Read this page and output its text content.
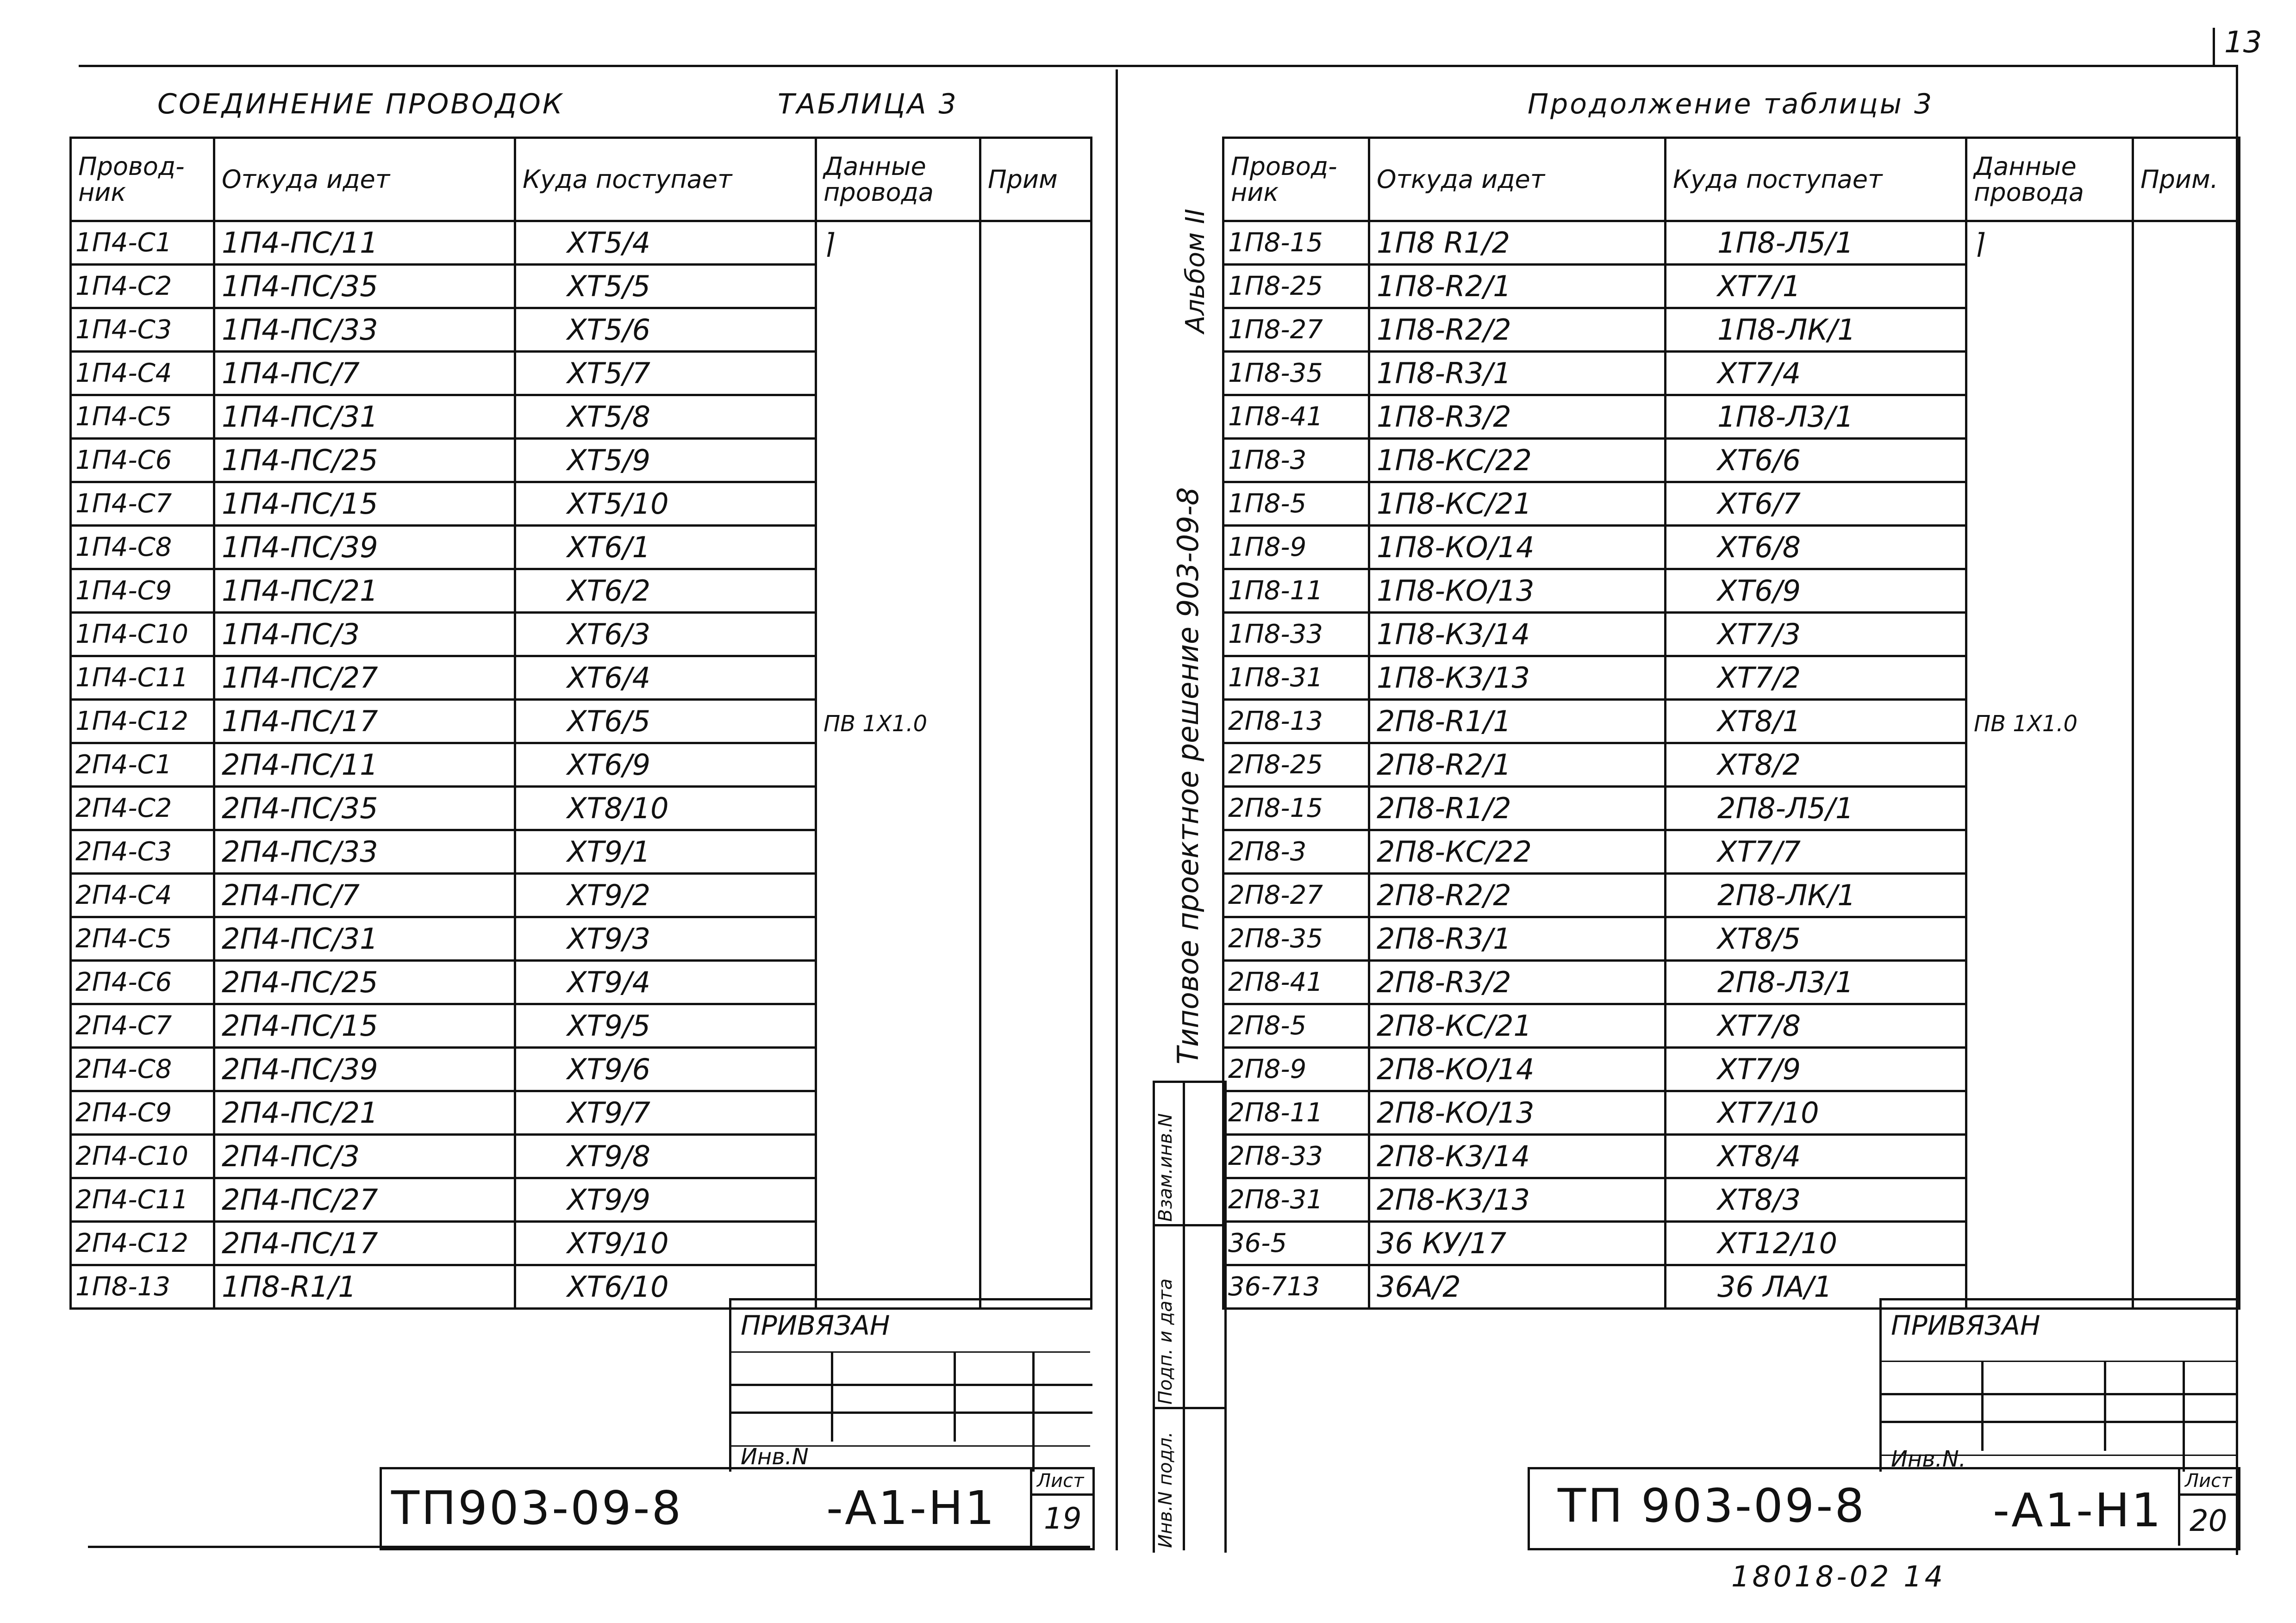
13
СОЕДИНЕНИЕ ПРОВОДОК	ТАБЛИЦА 3
Провод-ник	Откуда идет	Куда поступает	Данные провода	Прим
1П4-С1	1П4-ПС/11	ХТ5/4	⌉	
1П4-С2	1П4-ПС/35	ХТ5/5		
1П4-С3	1П4-ПС/33	ХТ5/6		
1П4-С4	1П4-ПС/7	ХТ5/7		
1П4-С5	1П4-ПС/31	ХТ5/8		
1П4-С6	1П4-ПС/25	ХТ5/9		
1П4-С7	1П4-ПС/15	ХТ5/10		
1П4-С8	1П4-ПС/39	ХТ6/1		
1П4-С9	1П4-ПС/21	ХТ6/2		
1П4-С10	1П4-ПС/3	ХТ6/3		
1П4-С11	1П4-ПС/27	ХТ6/4		
1П4-С12	1П4-ПС/17	ХТ6/5	ПВ 1Х1.0	
2П4-С1	2П4-ПС/11	ХТ6/9		
2П4-С2	2П4-ПС/35	ХТ8/10		
2П4-С3	2П4-ПС/33	ХТ9/1		
2П4-С4	2П4-ПС/7	ХТ9/2		
2П4-С5	2П4-ПС/31	ХТ9/3		
2П4-С6	2П4-ПС/25	ХТ9/4		
2П4-С7	2П4-ПС/15	ХТ9/5		
2П4-С8	2П4-ПС/39	ХТ9/6		
2П4-С9	2П4-ПС/21	ХТ9/7		
2П4-С10	2П4-ПС/3	ХТ9/8		
2П4-С11	2П4-ПС/27	ХТ9/9		
2П4-С12	2П4-ПС/17	ХТ9/10		
1П8-13	1П8-R1/1	ХТ6/10		
ПРИВЯЗАН
Инв.N
ТП903-09-8	-А1-Н1 Лист
19
Альбом II
Типовое проектное решение 903-09-8
Инв.N подл.
Подп. и дата
Взам.инв.N
Продолжение таблицы 3
Провод-ник	Откуда идет	Куда поступает	Данные провода	Прим.
1П8-15	1П8 R1/2	1П8-Л5/1	⌉	
1П8-25	1П8-R2/1	ХТ7/1		
1П8-27	1П8-R2/2	1П8-ЛК/1		
1П8-35	1П8-R3/1	ХТ7/4		
1П8-41	1П8-R3/2	1П8-Л3/1		
1П8-3	1П8-КС/22	ХТ6/6		
1П8-5	1П8-КС/21	ХТ6/7		
1П8-9	1П8-КО/14	ХТ6/8		
1П8-11	1П8-КО/13	ХТ6/9		
1П8-33	1П8-К3/14	ХТ7/3		
1П8-31	1П8-К3/13	ХТ7/2		
2П8-13	2П8-R1/1	ХТ8/1	ПВ 1Х1.0	
2П8-25	2П8-R2/1	ХТ8/2		
2П8-15	2П8-R1/2	2П8-Л5/1		
2П8-3	2П8-КС/22	ХТ7/7		
2П8-27	2П8-R2/2	2П8-ЛК/1		
2П8-35	2П8-R3/1	ХТ8/5		
2П8-41	2П8-R3/2	2П8-Л3/1		
2П8-5	2П8-КС/21	ХТ7/8		
2П8-9	2П8-КО/14	ХТ7/9		
2П8-11	2П8-КО/13	ХТ7/10		
2П8-33	2П8-К3/14	ХТ8/4		
2П8-31	2П8-К3/13	ХТ8/3		
36-5	36 КУ/17	ХТ12/10		
36-713	36А/2	36 ЛА/1		
ПРИВЯЗАН
Инв.N.
ТП 903-09-8	-А1-Н1
Лист
20
18018-02 14
